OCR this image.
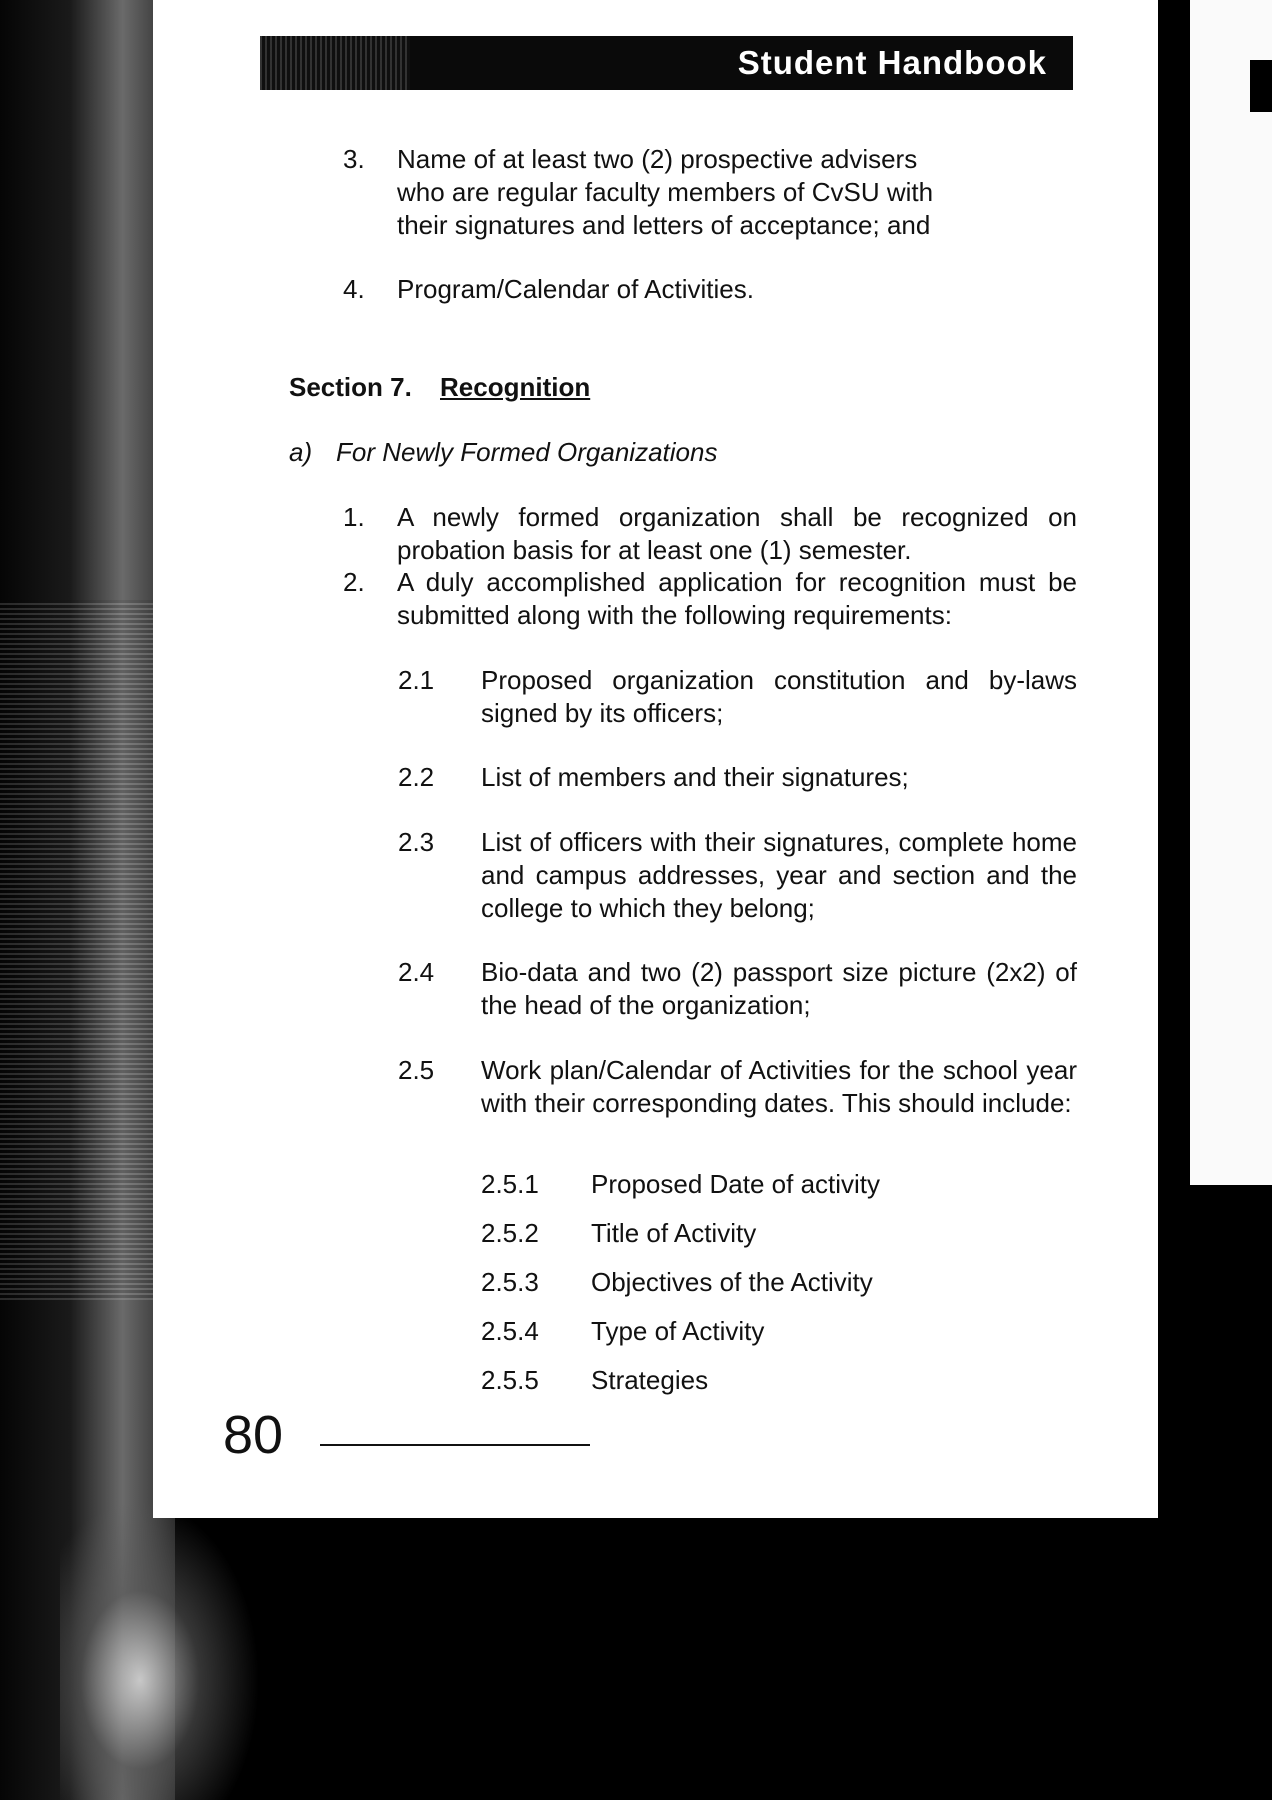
Student Handbook
3. Name of at least two (2) prospective advisers who are regular faculty members of CvSU with their signatures and letters of acceptance; and
4. Program/Calendar of Activities.
Section 7. Recognition
a) For Newly Formed Organizations
1. A newly formed organization shall be recognized on probation basis for at least one (1) semester.
2. A duly accomplished application for recognition must be submitted along with the following requirements:
2.1 Proposed organization constitution and by-laws signed by its officers;
2.2 List of members and their signatures;
2.3 List of officers with their signatures, complete home and campus addresses, year and section and the college to which they belong;
2.4 Bio-data and two (2) passport size picture (2x2) of the head of the organization;
2.5 Work plan/Calendar of Activities for the school year with their corresponding dates. This should include:
2.5.1 Proposed Date of activity
2.5.2 Title of Activity
2.5.3 Objectives of the Activity
2.5.4 Type of Activity
2.5.5 Strategies
80
